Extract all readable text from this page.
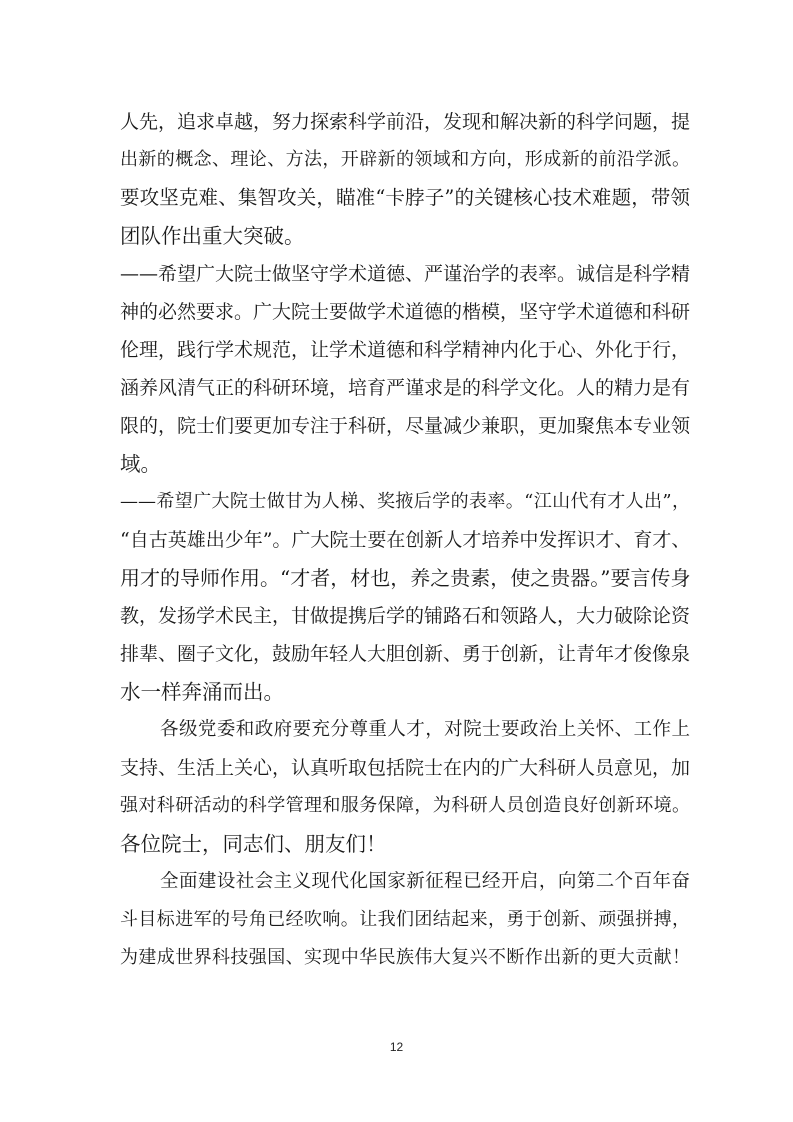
人先，追求卓越，努力探索科学前沿，发现和解决新的科学问题，提
出新的概念、理论、方法，开辟新的领域和方向，形成新的前沿学派。
要攻坚克难、集智攻关，瞄准“卡脖子”的关键核心技术难题，带领
团队作出重大突破。
——希望广大院士做坚守学术道德、严谨治学的表率。诚信是科学精
神的必然要求。广大院士要做学术道德的楷模，坚守学术道德和科研
伦理，践行学术规范，让学术道德和科学精神内化于心、外化于行，
涵养风清气正的科研环境，培育严谨求是的科学文化。人的精力是有
限的，院士们要更加专注于科研，尽量减少兼职，更加聚焦本专业领
域。
——希望广大院士做甘为人梯、奖掖后学的表率。“江山代有才人出”，
“自古英雄出少年”。广大院士要在创新人才培养中发挥识才、育才、
用才的导师作用。“才者，材也，养之贵素，使之贵器。”要言传身
教，发扬学术民主，甘做提携后学的铺路石和领路人，大力破除论资
排辈、圈子文化，鼓励年轻人大胆创新、勇于创新，让青年才俊像泉
水一样奔涌而出。
各级党委和政府要充分尊重人才，对院士要政治上关怀、工作上
支持、生活上关心，认真听取包括院士在内的广大科研人员意见，加
强对科研活动的科学管理和服务保障，为科研人员创造良好创新环境。
各位院士，同志们、朋友们！
全面建设社会主义现代化国家新征程已经开启，向第二个百年奋
斗目标进军的号角已经吹响。让我们团结起来，勇于创新、顽强拼搏，
为建成世界科技强国、实现中华民族伟大复兴不断作出新的更大贡献！
12
